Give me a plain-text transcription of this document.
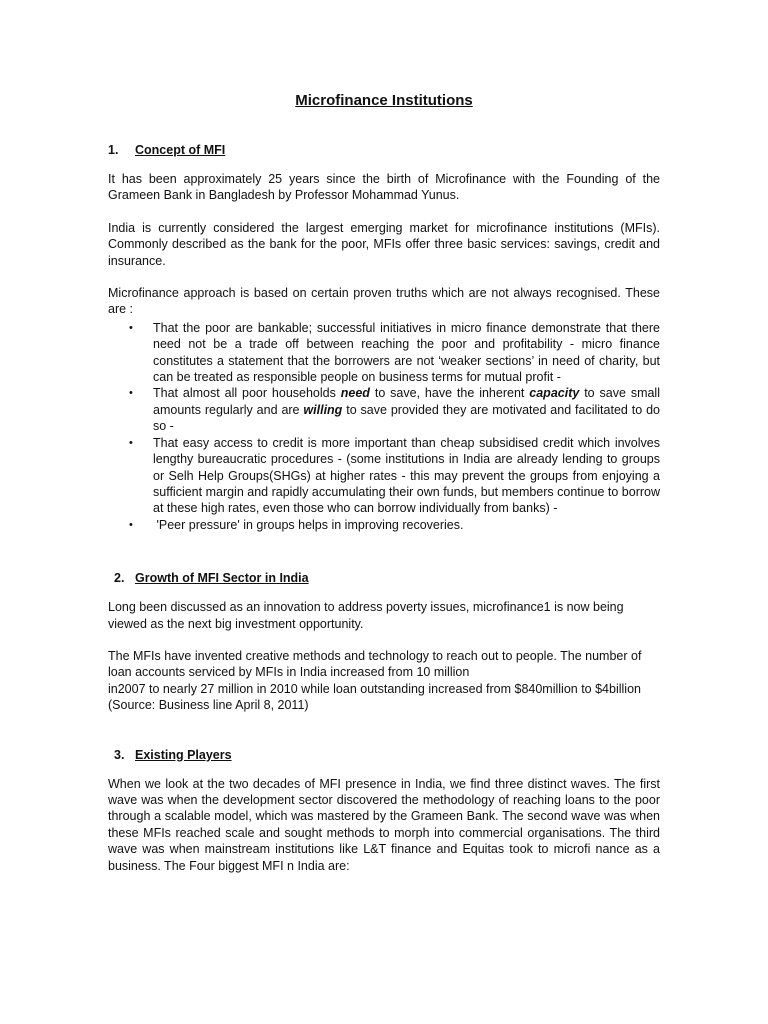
Microfinance Institutions
1.	Concept of MFI

It has been approximately 25 years since the birth of Microfinance with the Founding of the Grameen Bank in Bangladesh by Professor Mohammad Yunus.

India is currently considered the largest emerging market for microfinance institutions (MFIs). Commonly described as the bank for the poor, MFIs offer three basic services: savings, credit and insurance.

Microfinance approach is based on certain proven truths which are not always recognised. These are :

• That the poor are bankable; successful initiatives in micro finance demonstrate that there need not be a trade off between reaching the poor and profitability - micro finance constitutes a statement that the borrowers are not ‘weaker sections’ in need of charity, but can be treated as responsible people on business terms for mutual profit -
• That almost all poor households need to save, have the inherent capacity to save small amounts regularly and are willing to save provided they are motivated and facilitated to do so -
• That easy access to credit is more important than cheap subsidised credit which involves lengthy bureaucratic procedures - (some institutions in India are already lending to groups or Selh Help Groups(SHGs) at higher rates - this may prevent the groups from enjoying a sufficient margin and rapidly accumulating their own funds, but members continue to borrow at these high rates, even those who can borrow individually from banks) -
• 'Peer pressure' in groups helps in improving recoveries.
2. Growth of MFI Sector in India

Long been discussed as an innovation to address poverty issues, microfinance1 is now being viewed as the next big investment opportunity.

The MFIs have invented creative methods and technology to reach out to people. The number of loan accounts serviced by MFIs in India increased from 10 million
in2007 to nearly 27 million in 2010 while loan outstanding increased from $840million to $4billion
(Source: Business line April 8, 2011)

3. Existing Players

When we look at the two decades of MFI presence in India, we find three distinct waves. The first wave was when the development sector discovered the methodology of reaching loans to the poor through a scalable model, which was mastered by the Grameen Bank. The second wave was when these MFIs reached scale and sought methods to morph into commercial organisations. The third wave was when mainstream institutions like L&T finance and Equitas took to microfi nance as a business. The Four biggest MFI n India are:
